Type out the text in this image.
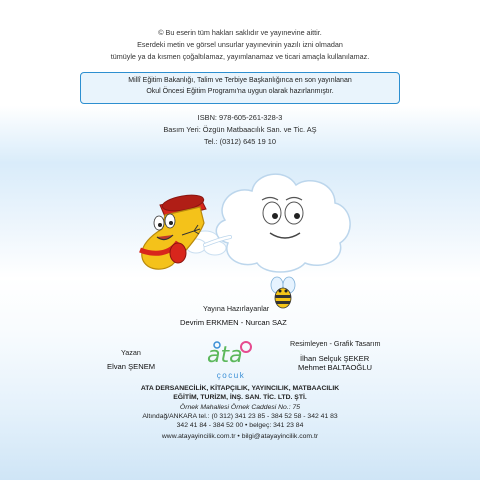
© Bu eserin tüm hakları saklıdır ve yayınevine aittir.
Eserdeki metin ve görsel unsurlar yayınevinin yazılı izni olmadan
tümüyle ya da kısmen çoğaltılamaz, yayımlanamaz ve ticari amaçla kullanılamaz.
Millî Eğitim Bakanlığı, Talim ve Terbiye Başkanlığınca en son yayınlanan
Okul Öncesi Eğitim Programı'na uygun olarak hazırlanmıştır.
ISBN: 978-605-261-328-3
Basım Yeri: Özgün Matbaacılık San. ve Tic. AŞ
Tel.: (0312) 645 19 10
Yayına Hazırlayanlar
Devrim ERKMEN - Nurcan SAZ
Resimleyen - Grafik Tasarım
İlhan Selçuk ŞEKER
Mehmet BALTAOĞLU
Yazan
Elvan ŞENEM ata
çocuk
ATA DERSANECİLİK, KİTAPÇILIK, YAYINCILIK, MATBAACILIK
EĞİTİM, TURİZM, İNŞ. SAN. TİC. LTD. ŞTİ.
Örnek Mahallesi Örnek Caddesi No.: 75
Altındağ/ANKARA tel.: (0 312) 341 23 85 - 384 52 58 - 342 41 83
342 41 84 - 384 52 00 • belgeç: 341 23 84
www.atayayincilik.com.tr • bilgi@atayayincilik.com.tr
